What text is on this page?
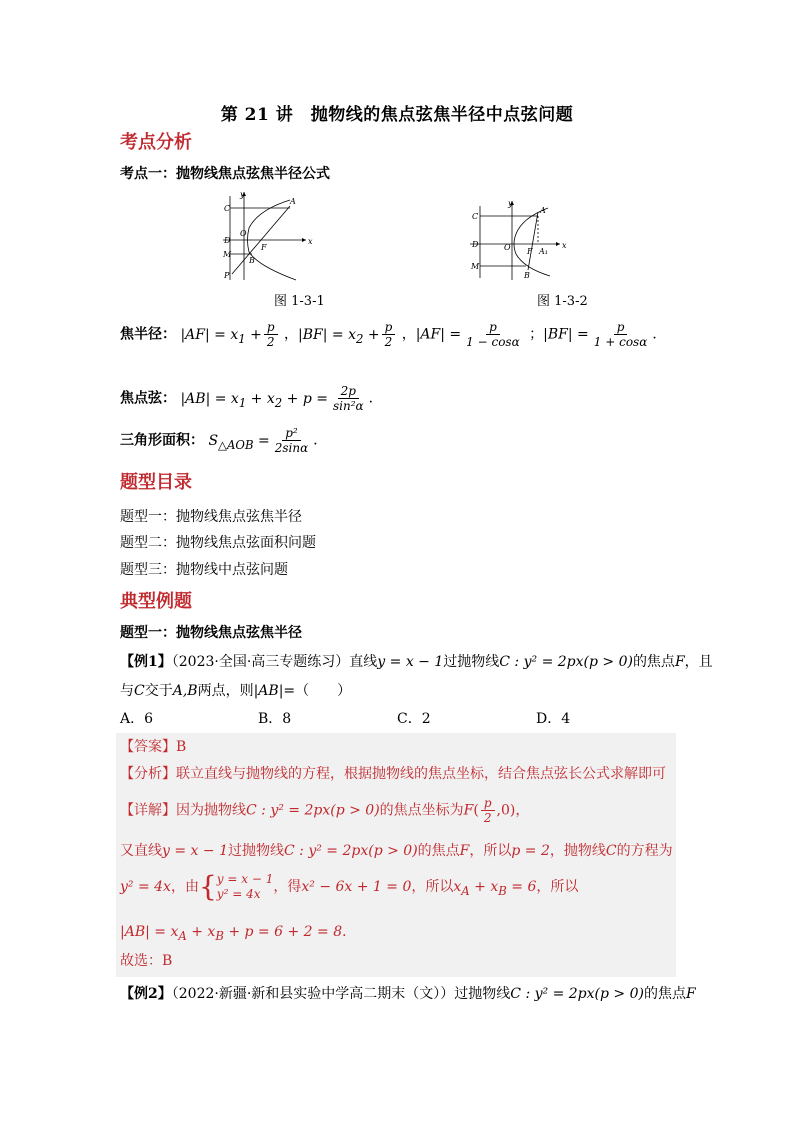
第 21 讲　抛物线的焦点弦焦半径中点弦问题
考点分析
考点一：抛物线焦点弦焦半径公式
y
x
C
A
D
O
F
M
B
P
图 1-3-1
y
x
C
A
D	O F A₁
M
B
图 1-3-2
焦半径： $|AF| = x_1 + \frac{p}{2}$ ，$|BF| = x_2 + \frac{p}{2}$ ，$|AF| = \frac{p}{1 - \cos\alpha}$ ；$|BF| = \frac{p}{1 + \cos\alpha}$ ．
焦点弦： $|AB| = x_1 + x_2 + p = \frac{2p}{\text{sin²α}}$ ．
三角形面积： $S_{\triangle AOB} = \frac{\text{p²}}{2\sin\alpha}$ ．
题型目录
题型一：抛物线焦点弦焦半径
题型二：抛物线焦点弦面积问题
题型三：抛物线中点弦问题
典型例题
题型一：抛物线焦点弦焦半径
【例1】（2023·全国·高三专题练习）直线y = x − 1过抛物线C : y² = 2px(p > 0)的焦点F，且
与C交于A,B两点，则|AB|=（　　）
A．6	B．8	C．2	D．4
【答案】B
【分析】联立直线与抛物线的方程，根据抛物线的焦点坐标，结合焦点弦长公式求解即可
【详解】因为抛物线C : y² = 2px(p > 0)的焦点坐标为$F( \frac{p}{2} ,0)$，
又直线y = x − 1过抛物线C : y² = 2px(p > 0)的焦点F，所以p = 2，抛物线C的方程为
y² = 4x，由{ y = x − 1
y² = 4x ，得x² − 6x + 1 = 0，所以$x_A + x_B = 6$，所以
$|AB| = x_A + x_B + p = 6 + 2 = 8$．
故选：B
【例2】（2022·新疆·新和县实验中学高二期末（文））过抛物线C : y² = 2px(p > 0)的焦点F
